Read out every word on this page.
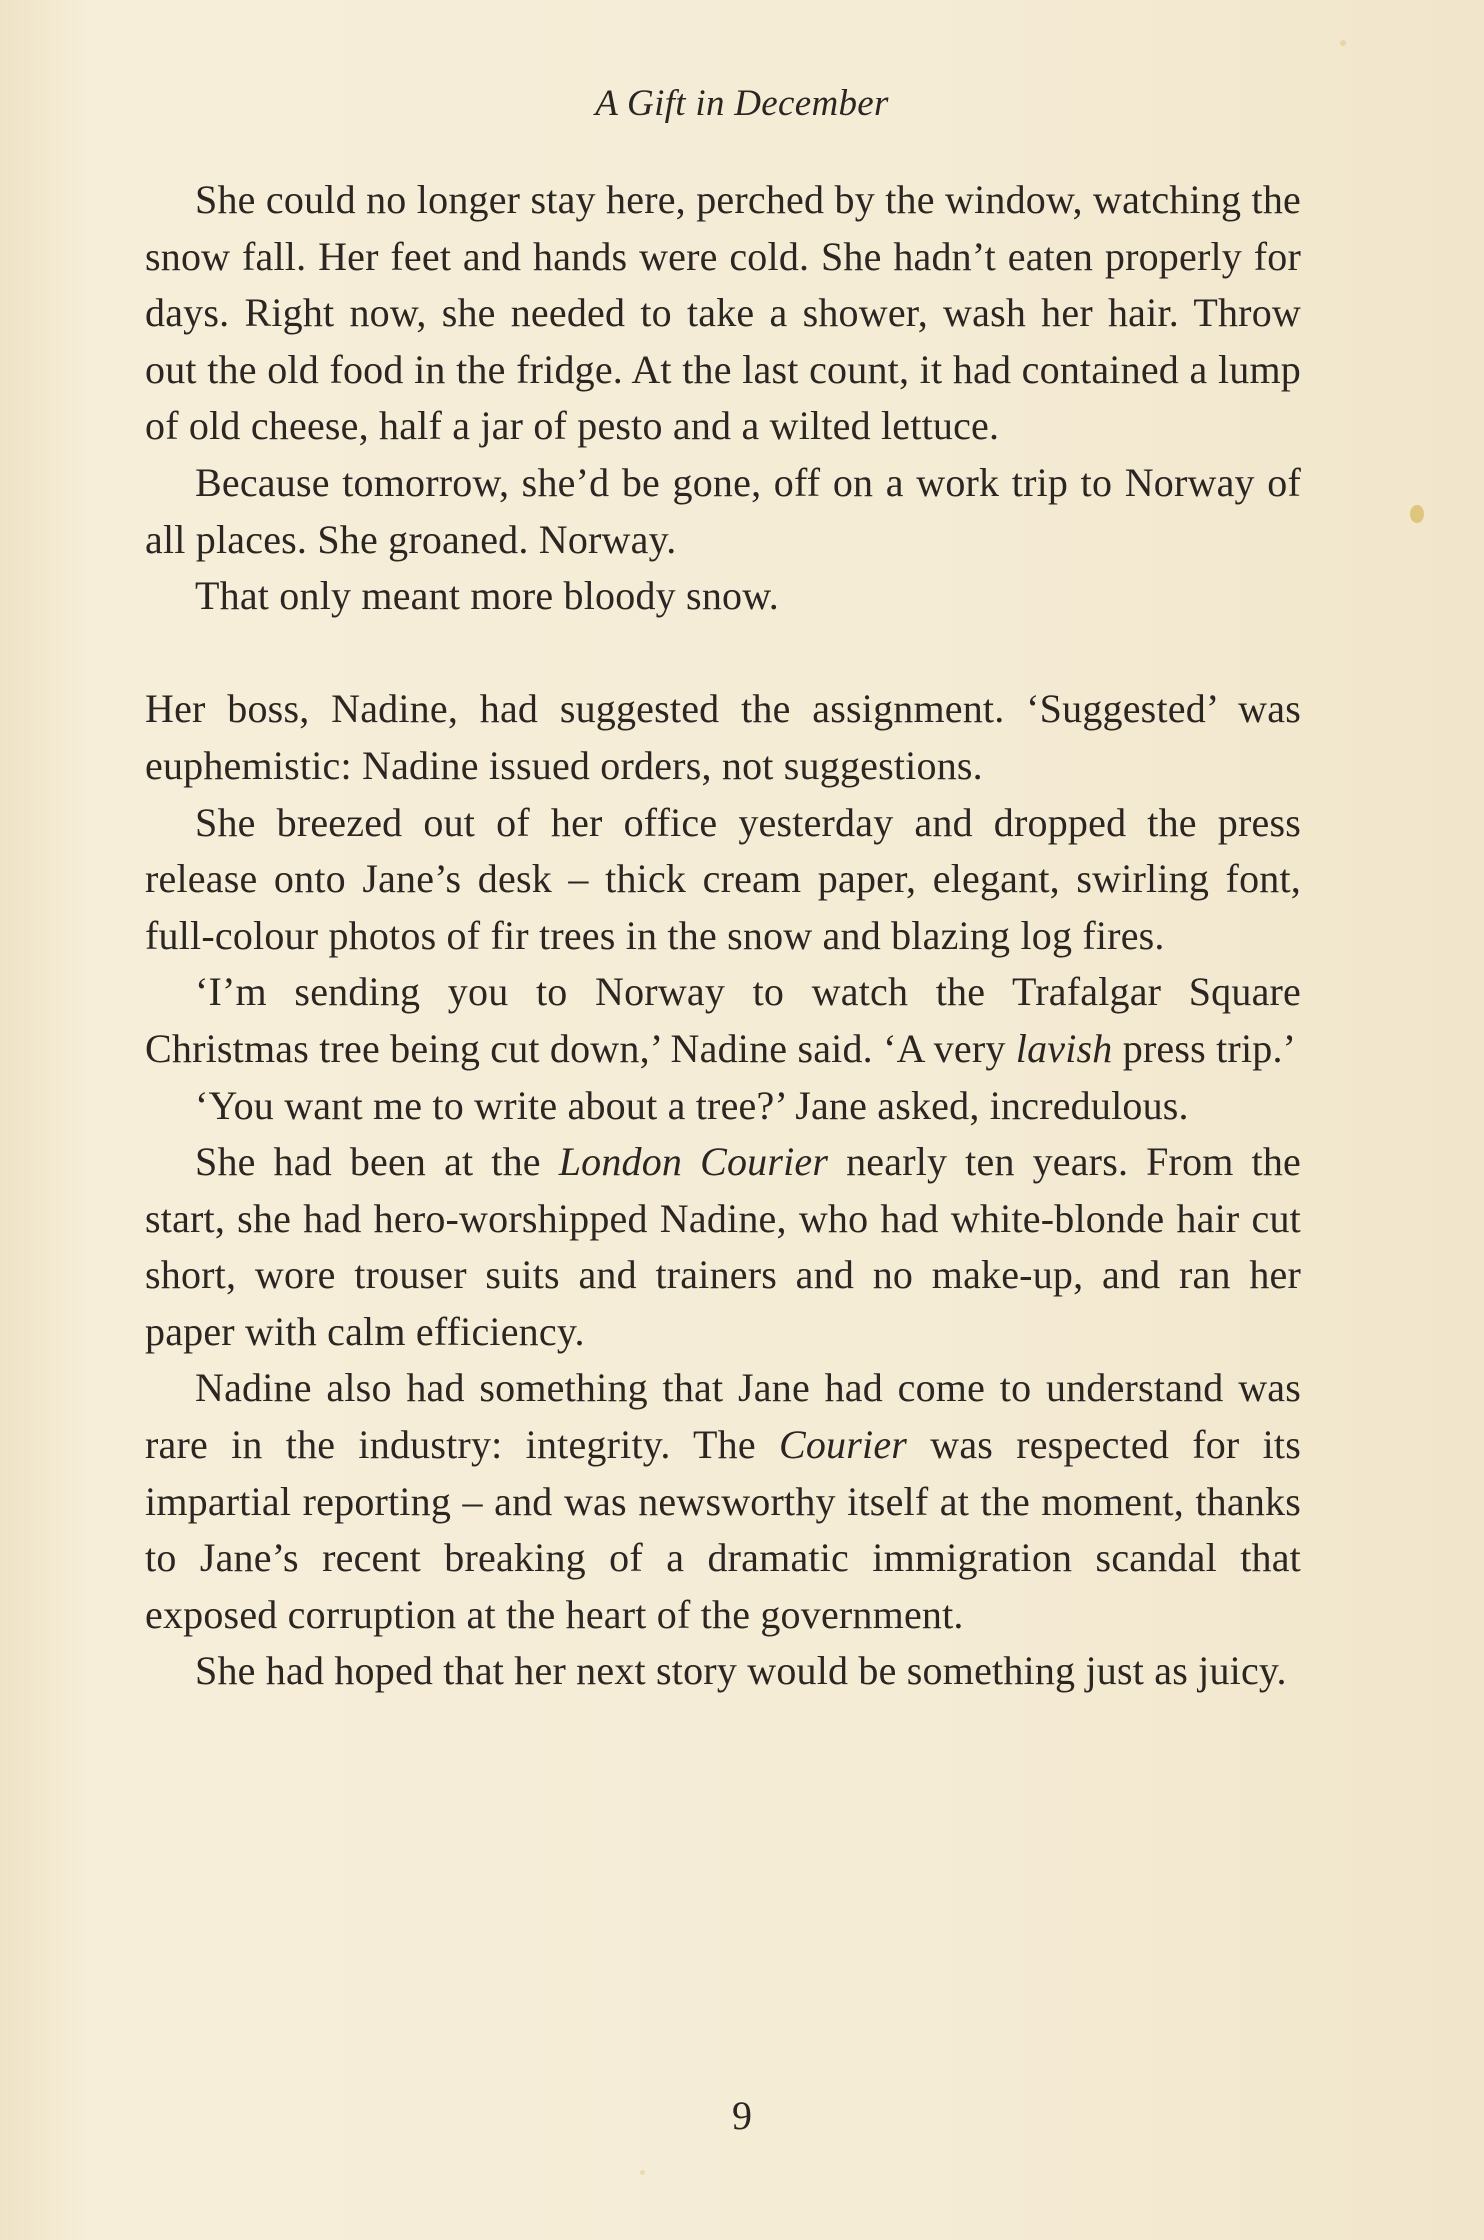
A Gift in December

She could no longer stay here, perched by the window, watching the snow fall. Her feet and hands were cold. She hadn’t eaten properly for days. Right now, she needed to take a shower, wash her hair. Throw out the old food in the fridge. At the last count, it had contained a lump of old cheese, half a jar of pesto and a wilted lettuce.

Because tomorrow, she’d be gone, off on a work trip to Norway of all places. She groaned. Norway.

That only meant more bloody snow.

Her boss, Nadine, had suggested the assignment. ‘Suggested’ was euphemistic: Nadine issued orders, not suggestions.

She breezed out of her office yesterday and dropped the press release onto Jane’s desk – thick cream paper, elegant, swirling font, full-colour photos of fir trees in the snow and blazing log fires.

‘I’m sending you to Norway to watch the Trafalgar Square Christmas tree being cut down,’ Nadine said. ‘A very lavish press trip.’

‘You want me to write about a tree?’ Jane asked, incredulous.

She had been at the London Courier nearly ten years. From the start, she had hero-worshipped Nadine, who had white-blonde hair cut short, wore trouser suits and trainers and no make-up, and ran her paper with calm efficiency.

Nadine also had something that Jane had come to understand was rare in the industry: integrity. The Courier was respected for its impartial reporting – and was newsworthy itself at the moment, thanks to Jane’s recent breaking of a dramatic immigration scandal that exposed corruption at the heart of the government.

She had hoped that her next story would be something just as juicy.

9
